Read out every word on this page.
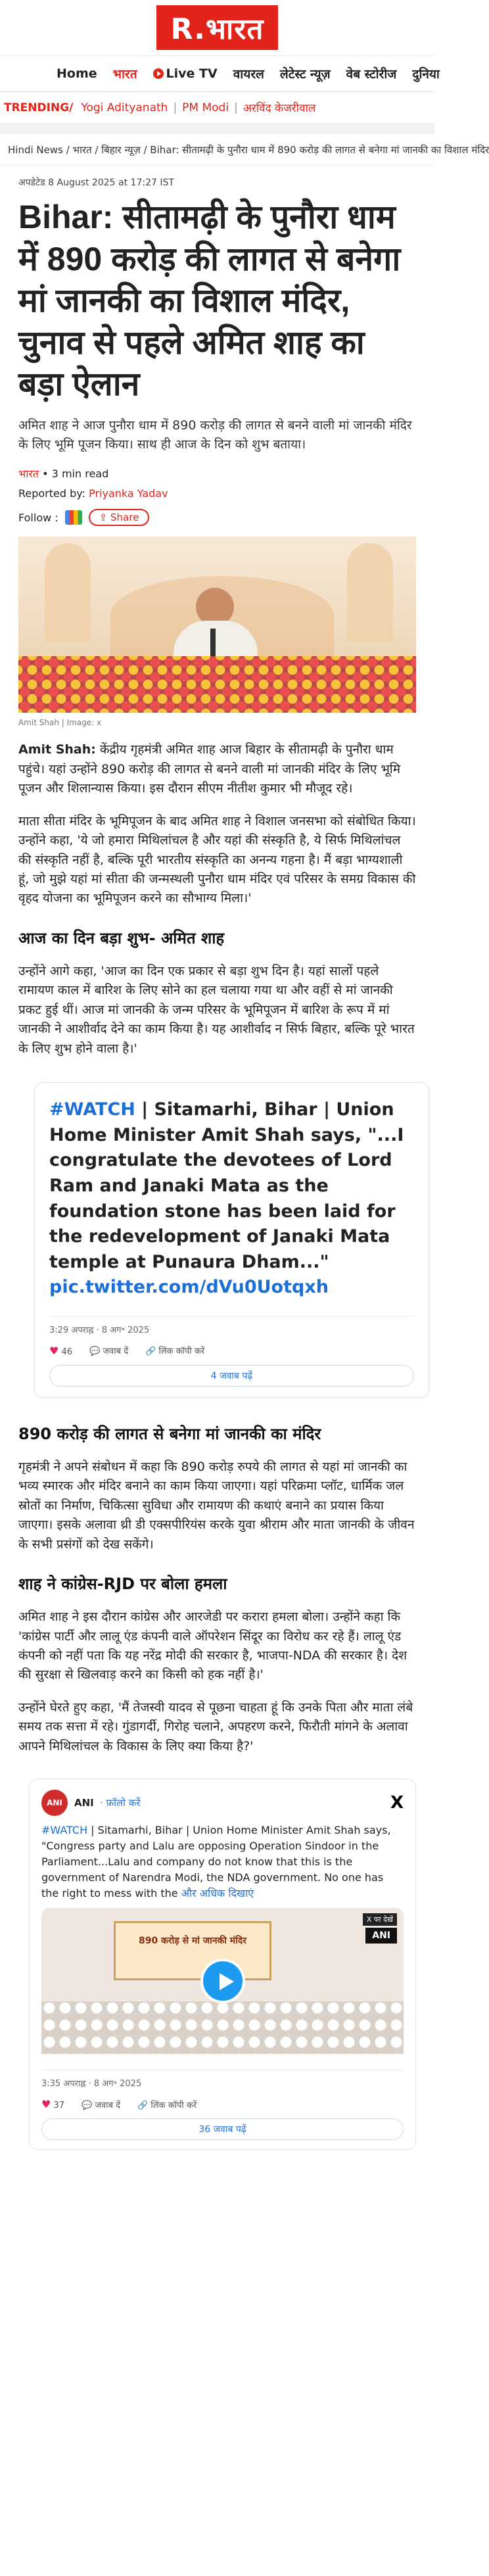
R.भारत
Home भारत	Live TV वायरल लेटेस्ट न्यूज़ वेब स्टोरीज दुनिया
TRENDING/ Yogi Adityanath | PM Modi | अरविंद केजरीवाल
Hindi News / भारत / बिहार न्यूज़ / Bihar: सीतामढ़ी के पुनौरा धाम में 890 करोड़ की लागत से बनेगा मां जानकी का विशाल मंदिर
अपडेटेड 8 August 2025 at 17:27 IST
Bihar: सीतामढ़ी के पुनौरा धाम में 890 करोड़ की लागत से बनेगा मां जानकी का विशाल मंदिर, चुनाव से पहले अमित शाह का बड़ा ऐलान
अमित शाह ने आज पुनौरा धाम में 890 करोड़ की लागत से बनने वाली मां जानकी मंदिर के लिए भूमि पूजन किया। साथ ही आज के दिन को शुभ बताया।
भारत • 3 min read
Reported by: Priyanka Yadav
Follow :	⇪ Share
Amit Shah | Image: x

Amit Shah: केंद्रीय गृहमंत्री अमित शाह आज बिहार के सीतामढ़ी के पुनौरा धाम पहुंचे। यहां उन्होंने 890 करोड़ की लागत से बनने वाली मां जानकी मंदिर के लिए भूमि पूजन और शिलान्यास किया। इस दौरान सीएम नीतीश कुमार भी मौजूद रहे।

माता सीता मंदिर के भूमिपूजन के बाद अमित शाह ने विशाल जनसभा को संबोधित किया। उन्होंने कहा, 'ये जो हमारा मिथिलांचल है और यहां की संस्कृति है, ये सिर्फ मिथिलांचल की संस्कृति नहीं है, बल्कि पूरी भारतीय संस्कृति का अनन्य गहना है। मैं बड़ा भाग्यशाली हूं, जो मुझे यहां मां सीता की जन्मस्थली पुनौरा धाम मंदिर एवं परिसर के समग्र विकास की वृहद योजना का भूमिपूजन करने का सौभाग्य मिला।'

आज का दिन बड़ा शुभ- अमित शाह

उन्होंने आगे कहा, 'आज का दिन एक प्रकार से बड़ा शुभ दिन है। यहां सालों पहले रामायण काल में बारिश के लिए सोने का हल चलाया गया था और वहीं से मां जानकी प्रकट हुई थीं। आज मां जानकी के जन्म परिसर के भूमिपूजन में बारिश के रूप में मां जानकी ने आशीर्वाद देने का काम किया है। यह आशीर्वाद न सिर्फ बिहार, बल्कि पूरे भारत के लिए शुभ होने वाला है।'

#WATCH | Sitamarhi, Bihar | Union Home Minister Amit Shah says, "...I congratulate the devotees of Lord Ram and Janaki Mata as the foundation stone has been laid for the redevelopment of Janaki Mata temple at Punaura Dham..."
pic.twitter.com/dVu0Uotqxh
3:29 अपराह्न · 8 अग॰ 2025
♥ 46 💬 जवाब दें 🔗 लिंक कॉपी करें
4 जवाब पढ़ें
890 करोड़ की लागत से बनेगा मां जानकी का मंदिर

गृहमंत्री ने अपने संबोधन में कहा कि 890 करोड़ रुपये की लागत से यहां मां जानकी का भव्य स्मारक और मंदिर बनाने का काम किया जाएगा। यहां परिक्रमा प्लॉट, धार्मिक जल स्रोतों का निर्माण, चिकित्सा सुविधा और रामायण की कथाएं बनाने का प्रयास किया जाएगा। इसके अलावा थ्री डी एक्सपीरियंस करके युवा श्रीराम और माता जानकी के जीवन के सभी प्रसंगों को देख सकेंगे।

शाह ने कांग्रेस-RJD पर बोला हमला

अमित शाह ने इस दौरान कांग्रेस और आरजेडी पर करारा हमला बोला। उन्होंने कहा कि 'कांग्रेस पार्टी और लालू एंड कंपनी वाले ऑपरेशन सिंदूर का विरोध कर रहे हैं। लालू एंड कंपनी को नहीं पता कि यह नरेंद्र मोदी की सरकार है, भाजपा-NDA की सरकार है। देश की सुरक्षा से खिलवाड़ करने का किसी को हक नहीं है।'

उन्होंने घेरते हुए कहा, 'मैं तेजस्वी यादव से पूछना चाहता हूं कि उनके पिता और माता लंबे समय तक सत्ता में रहे। गुंडागर्दी, गिरोह चलाने, अपहरण करने, फिरौती मांगने के अलावा आपने मिथिलांचल के विकास के लिए क्या किया है?'

ANI	ANI · फ़ॉलो करें	X
#WATCH | Sitamarhi, Bihar | Union Home Minister Amit Shah says, "Congress party and Lalu are opposing Operation Sindoor in the Parliament...Lalu and company do not know that this is the government of Narendra Modi, the NDA government. No one has the right to mess with the और अधिक दिखाएं
890 करोड़ से मां जानकी मंदिर
X पर देखें
ANI
3:35 अपराह्न · 8 अग॰ 2025
♥ 37 💬 जवाब दें 🔗 लिंक कॉपी करें
36 जवाब पढ़ें
